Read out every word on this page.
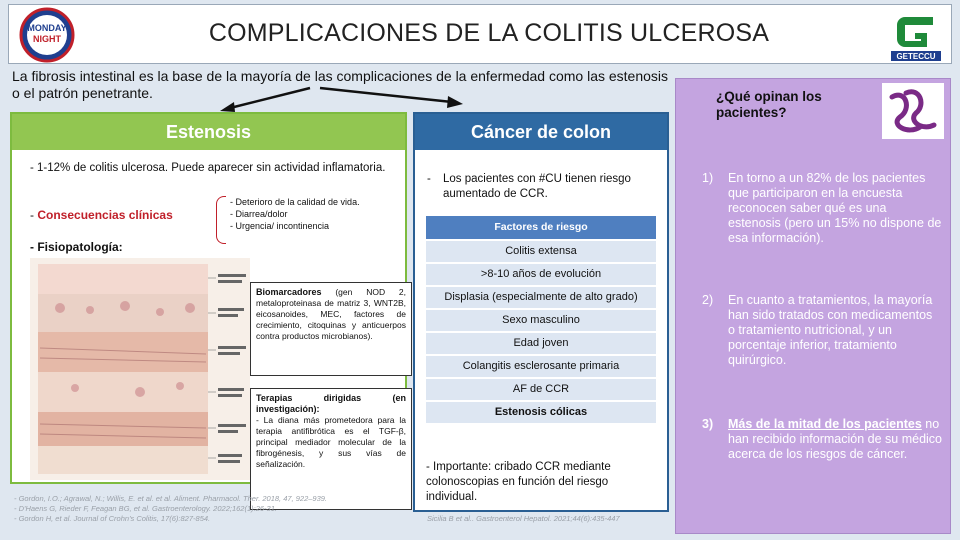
MONDAY
NIGHT	COMPLICACIONES DE LA COLITIS ULCEROSA
GETECCU
La fibrosis intestinal es la base de la mayoría de las complicaciones de la enfermedad como las estenosis o el patrón penetrante.
Estenosis
- 1-12% de colitis ulcerosa. Puede aparecer sin actividad inflamatoria.
- Consecuencias clínicas
- Deterioro de la calidad de vida.
- Diarrea/dolor
- Urgencia/ incontinencia
- Fisiopatología:
Biomarcadores (gen NOD 2, metaloproteinasa de matriz 3, WNT2B, eicosanoides, MEC, factores de crecimiento, citoquinas y anticuerpos contra productos microbianos).
Terapias dirigidas (en investigación):
- La diana más prometedora para la terapia antifibrótica es el TGF-β, principal mediador molecular de la fibrogénesis, y sus vías de señalización.
- Gordon, I.O.; Agrawal, N.; Willis, E. et al. et al. Aliment. Pharmacol. Ther. 2018, 47, 922–939.
- D'Haens G, Rieder F, Feagan BG, et al. Gastroenterology. 2022;162(1):26-31.
- Gordon H, et al. Journal of Crohn's Colitis, 17(6):827-854.
Cáncer de colon
- Los pacientes con #CU tienen riesgo aumentado de CCR.
Factores de riesgo
Colitis extensa
>8-10 años de evolución
Displasia (especialmente de alto grado)
Sexo masculino
Edad joven
Colangitis esclerosante primaria
AF de CCR
Estenosis cólicas
- Importante: cribado CCR mediante colonoscopias en función del riesgo individual.
Sicilia B et al.. Gastroenterol Hepatol. 2021;44(6):435-447
¿Qué opinan los pacientes?
1)	En torno a un 82% de los pacientes que participaron en la encuesta reconocen saber qué es una estenosis (pero un 15% no dispone de esa información).
2)	En cuanto a tratamientos, la mayoría han sido tratados con medicamentos o tratamiento nutricional, y un porcentaje inferior, tratamiento quirúrgico.
3)	Más de la mitad de los pacientes no han recibido información de su médico acerca de los riesgos de cáncer.
